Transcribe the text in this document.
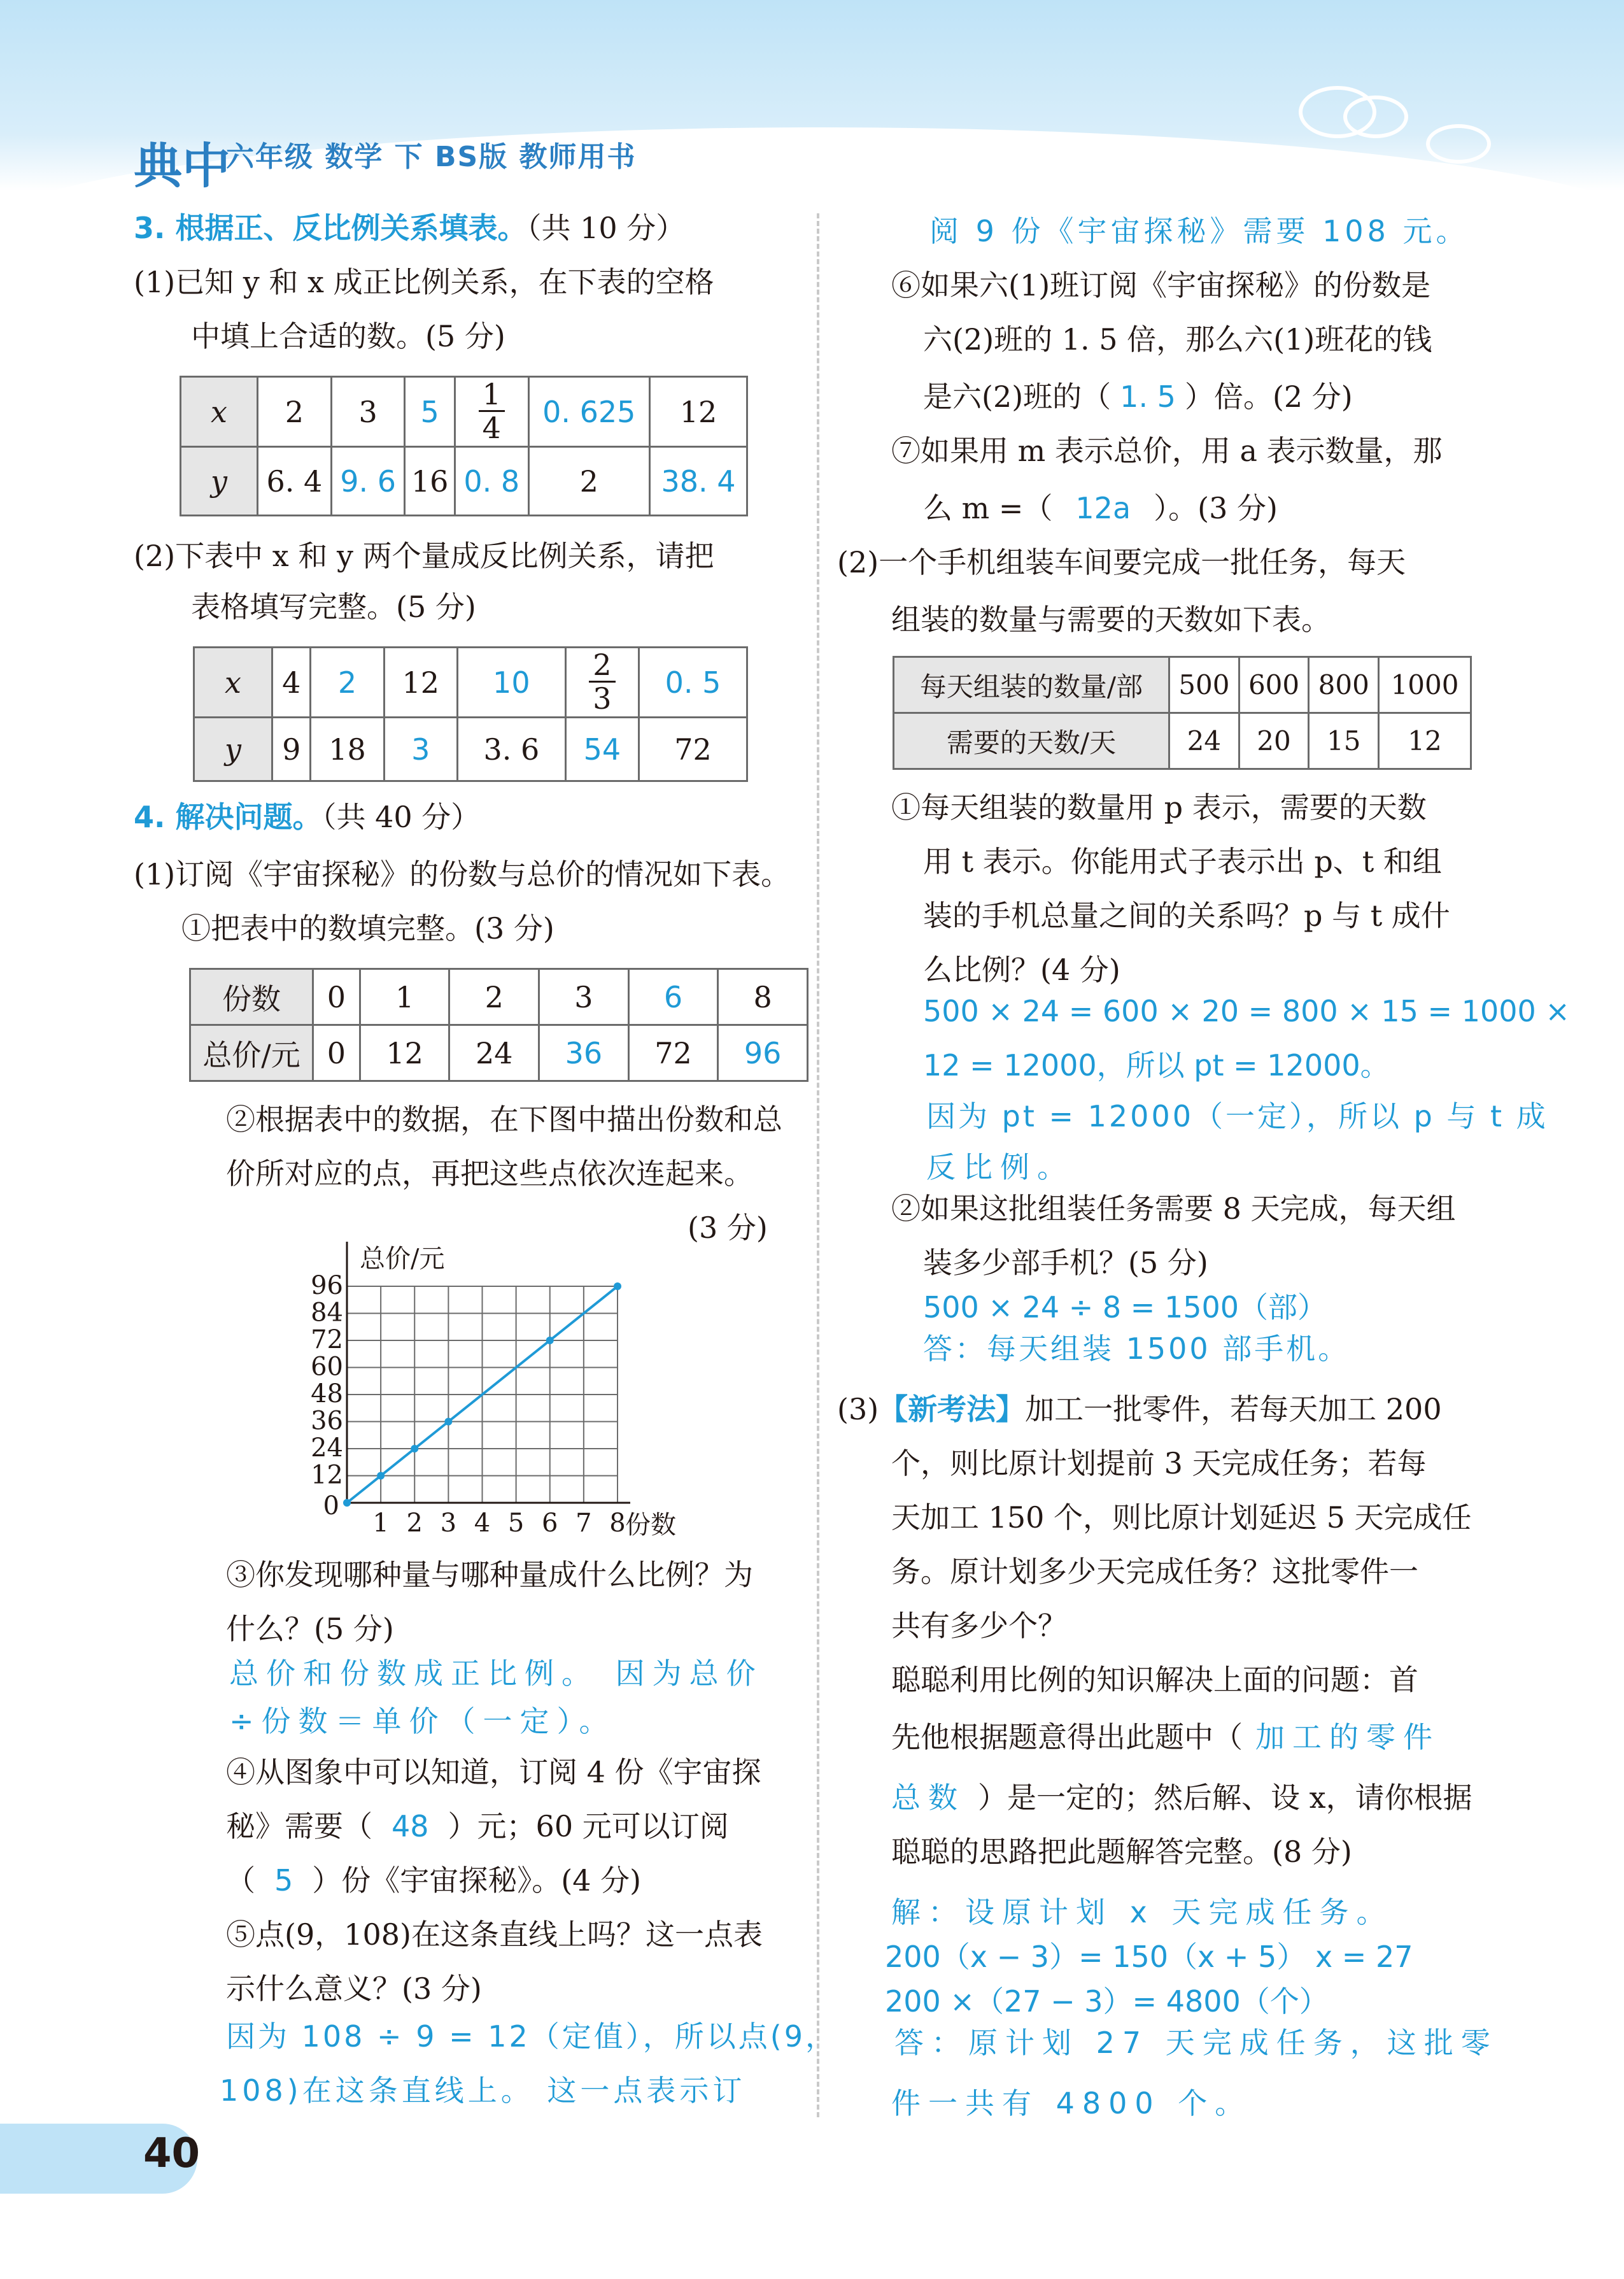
典中
六年级 数学 下 BS版 教师用书
3. 根据正、反比例关系填表。（共 10 分）
(1)已知 y 和 x 成正比例关系，在下表的空格
中填上合适的数。(5 分)
x	2	3	5	$\frac{1}{4}$	0. 625	12
y	6. 4	9. 6	16	0. 8	2	38. 4
(2)下表中 x 和 y 两个量成反比例关系，请把
表格填写完整。(5 分)
x	4	2	12	10	$\frac{2}{3}$	0. 5
y	9	18	3	3. 6	54	72
4. 解决问题。（共 40 分）
(1)订阅《宇宙探秘》的份数与总价的情况如下表。
①把表中的数填完整。(3 分)
份数	0	1	2	3	6	8
总价/元	0	12	24	36	72	96
②根据表中的数据，在下图中描出份数和总
价所对应的点，再把这些点依次连起来。
(3 分)
1 2 3 4 5 6 7 8
12
24
36
48
60
72
84
96
0
总价/元
份数
③你发现哪种量与哪种量成什么比例？为
什么？(5 分)
总价和份数成正比例。 因为总价
÷份数＝单价（一定）。
④从图象中可以知道，订阅 4 份《宇宙探
秘》需要（ 48 ）元；60 元可以订阅
（ 5 ）份《宇宙探秘》。(4 分)
⑤点(9，108)在这条直线上吗？这一点表
示什么意义？(3 分)
因为 108 ÷ 9 = 12（定值），所以点(9，
108)在这条直线上。 这一点表示订
40
阅 9 份《宇宙探秘》需要 108 元。
⑥如果六(1)班订阅《宇宙探秘》的份数是
六(2)班的 1. 5 倍，那么六(1)班花的钱
是六(2)班的（ 1. 5 ）倍。(2 分)
⑦如果用 m 表示总价，用 a 表示数量，那
么 m =（ 12a ）。(3 分)
(2)一个手机组装车间要完成一批任务，每天
组装的数量与需要的天数如下表。
每天组装的数量/部	500	600	800	1000
需要的天数/天	24	20	15	12
①每天组装的数量用 p 表示，需要的天数
用 t 表示。你能用式子表示出 p、t 和组
装的手机总量之间的关系吗？p 与 t 成什
么比例？(4 分)
500 × 24 = 600 × 20 = 800 × 15 = 1000 ×
12 = 12000，所以 pt = 12000。
因为 pt = 12000（一定），所以 p 与 t 成
反比例。
②如果这批组装任务需要 8 天完成，每天组
装多少部手机？(5 分)
500 × 24 ÷ 8 = 1500（部）
答：每天组装 1500 部手机。
(3)【新考法】加工一批零件，若每天加工 200
个，则比原计划提前 3 天完成任务；若每
天加工 150 个，则比原计划延迟 5 天完成任
务。原计划多少天完成任务？这批零件一
共有多少个？
聪聪利用比例的知识解决上面的问题：首
先他根据题意得出此题中（ 加工的零件
总数 ）是一定的；然后解、设 x，请你根据
聪聪的思路把此题解答完整。(8 分)
解：设原计划 x 天完成任务。
200（x − 3）= 150（x + 5） x = 27
200 ×（27 − 3）= 4800（个）
答：原计划 27 天完成任务，这批零
件一共有 4800 个。
